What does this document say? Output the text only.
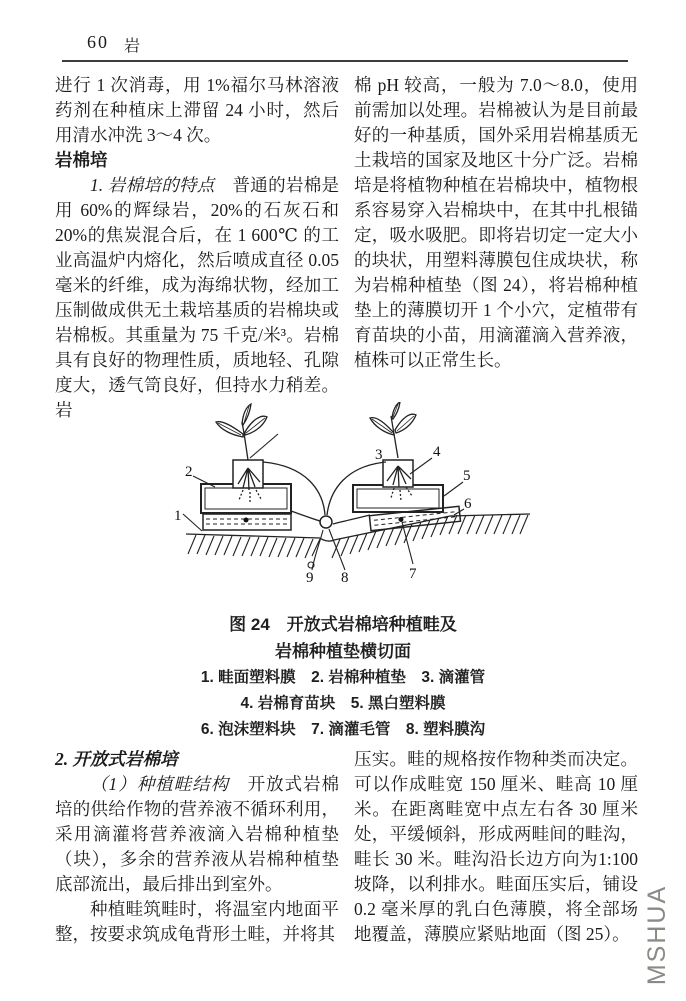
60 岩

进行 1 次消毒，用 1%福尔马林溶液药剂在种植床上滞留 24 小时，然后用清水冲洗 3～4 次。

岩棉培

1. 岩棉培的特点　普通的岩棉是用 60%的辉绿岩，20%的石灰石和 20%的焦炭混合后，在 1 600℃ 的工业高温炉内熔化，然后喷成直径 0.05 毫米的纤维，成为海绵状物，经加工压制做成供无土栽培基质的岩棉块或岩棉板。其重量为 75 千克/米³。岩棉具有良好的物理性质，质地轻、孔隙度大，透气笥良好，但持水力稍差。岩

棉 pH 较高，一般为 7.0～8.0，使用前需加以处理。岩棉被认为是目前最好的一种基质，国外采用岩棉基质无土栽培的国家及地区十分广泛。岩棉培是将植物种植在岩棉块中，植物根系容易穿入岩棉块中，在其中扎根锚定，吸水吸肥。即将岩切定一定大小的块状，用塑料薄膜包住成块状，称为岩棉种植垫（图 24），将岩棉种植垫上的薄膜切开 1 个小穴，定植带有育苗块的小苗，用滴灌滴入营养液，植株可以正常生长。

1
2
3	4
5
6
7
8
9
图 24　开放式岩棉培种植畦及
岩棉种植垫横切面
1. 畦面塑料膜　2. 岩棉种植垫　3. 滴灌管
4. 岩棉育苗块　5. 黑白塑料膜
6. 泡沫塑料块　7. 滴灌毛管　8. 塑料膜沟

2. 开放式岩棉培

（1）种植畦结构　开放式岩棉培的供给作物的营养液不循环利用，采用滴灌将营养液滴入岩棉种植垫（块），多余的营养液从岩棉种植垫底部流出，最后排出到室外。

种植畦筑畦时，将温室内地面平整，按要求筑成龟背形土畦，并将其

压实。畦的规格按作物种类而决定。可以作成畦宽 150 厘米、畦高 10 厘米。在距离畦宽中点左右各 30 厘米处，平缓倾斜，形成两畦间的畦沟，畦长 30 米。畦沟沿长边方向为1:100坡降，以利排水。畦面压实后，铺设 0.2 毫米厚的乳白色薄膜，将全部场地覆盖，薄膜应紧贴地面（图 25）。 MSHUA
